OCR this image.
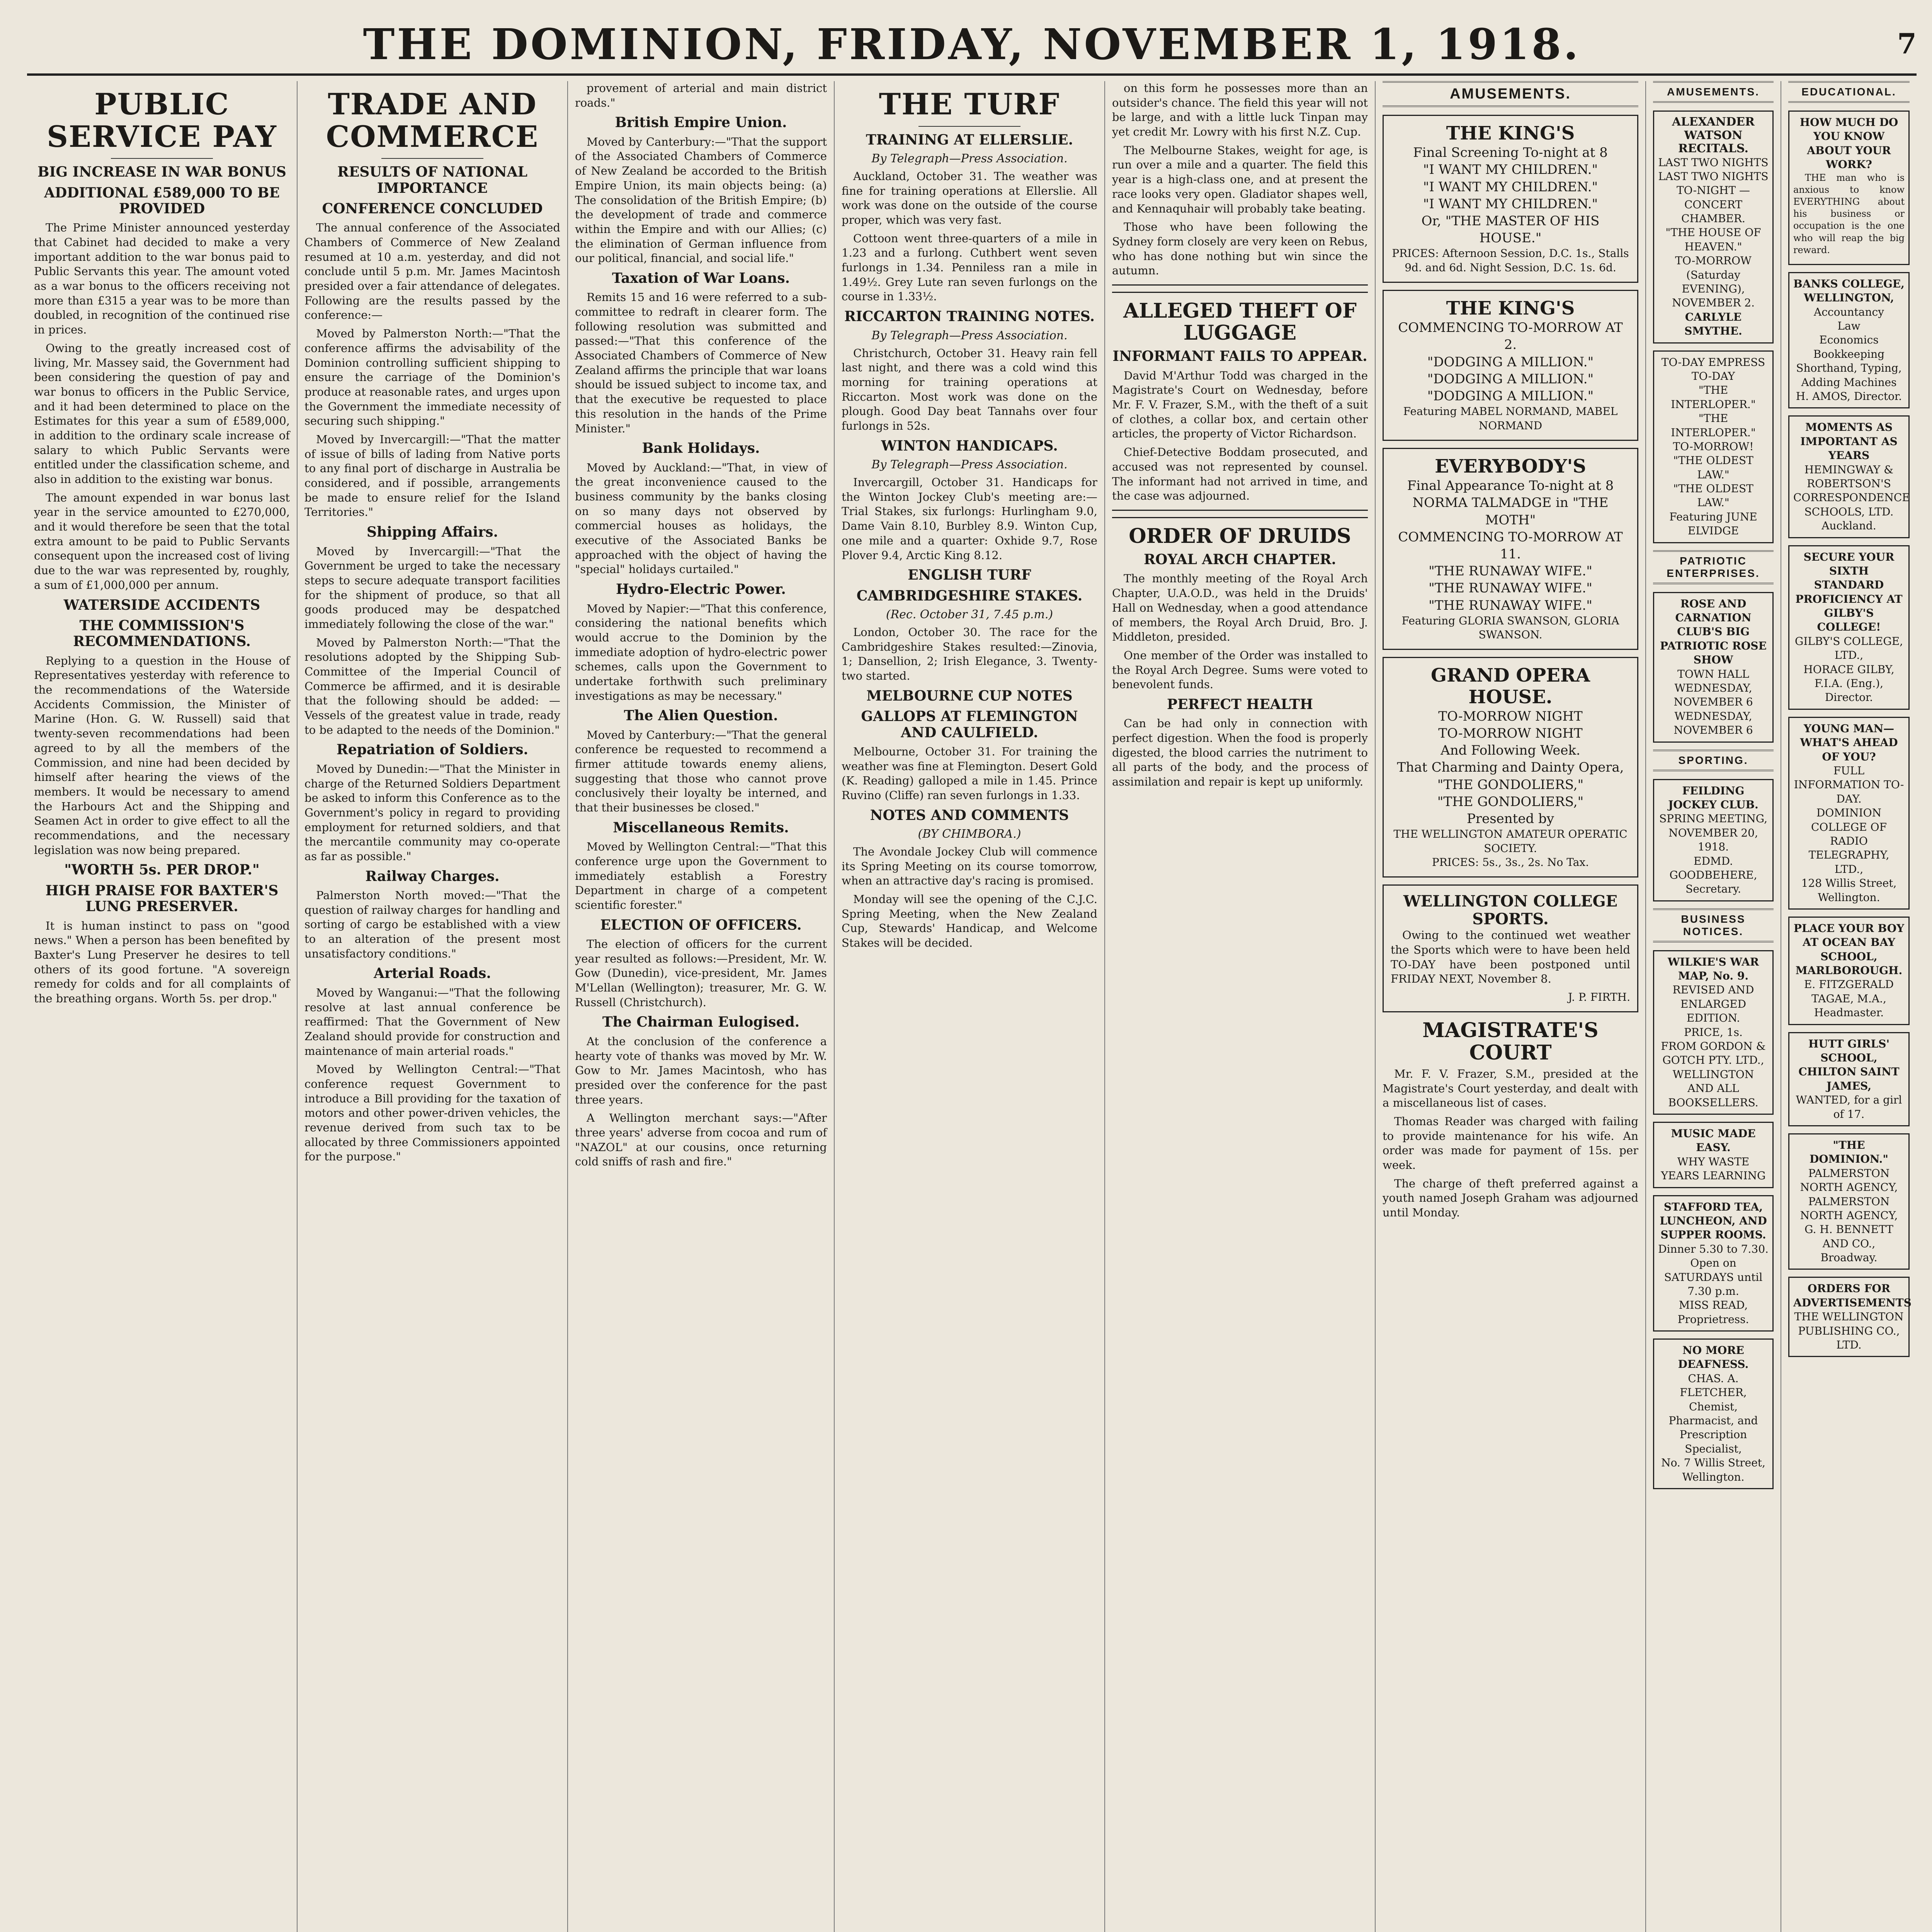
THE DOMINION, FRIDAY, NOVEMBER 1, 1918.	7
PUBLIC SERVICE PAY
BIG INCREASE IN WAR BONUS
ADDITIONAL £589,000 TO BE PROVIDED

The Prime Minister announced yesterday that Cabinet had decided to make a very important addition to the war bonus paid to Public Servants this year. The amount voted as a war bonus to the officers receiving not more than £315 a year was to be more than doubled, in recognition of the continued rise in prices.

Owing to the greatly increased cost of living, Mr. Massey said, the Government had been considering the question of pay and war bonus to officers in the Public Service, and it had been determined to place on the Estimates for this year a sum of £589,000, in addition to the ordinary scale increase of salary to which Public Servants were entitled under the classification scheme, and also in addition to the existing war bonus.

The amount expended in war bonus last year in the service amounted to £270,000, and it would therefore be seen that the total extra amount to be paid to Public Servants consequent upon the increased cost of living due to the war was represented by, roughly, a sum of £1,000,000 per annum.

WATERSIDE ACCIDENTS
THE COMMISSION'S RECOMMENDATIONS.

Replying to a question in the House of Representatives yesterday with reference to the recommendations of the Waterside Accidents Commission, the Minister of Marine (Hon. G. W. Russell) said that twenty-seven recommendations had been agreed to by all the members of the Commission, and nine had been decided by himself after hearing the views of the members. It would be necessary to amend the Harbours Act and the Shipping and Seamen Act in order to give effect to all the recommendations, and the necessary legislation was now being prepared.

"WORTH 5s. PER DROP."
HIGH PRAISE FOR BAXTER'S LUNG PRESERVER.

It is human instinct to pass on "good news." When a person has been benefited by Baxter's Lung Preserver he desires to tell others of its good fortune. "A sovereign remedy for colds and for all complaints of the breathing organs. Worth 5s. per drop."

TRADE AND COMMERCE
RESULTS OF NATIONAL IMPORTANCE
CONFERENCE CONCLUDED

The annual conference of the Associated Chambers of Commerce of New Zealand resumed at 10 a.m. yesterday, and did not conclude until 5 p.m. Mr. James Macintosh presided over a fair attendance of delegates. Following are the results passed by the conference:—

Moved by Palmerston North:—"That the conference affirms the advisability of the Dominion controlling sufficient shipping to ensure the carriage of the Dominion's produce at reasonable rates, and urges upon the Government the immediate necessity of securing such shipping."

Moved by Invercargill:—"That the matter of issue of bills of lading from Native ports to any final port of discharge in Australia be considered, and if possible, arrangements be made to ensure relief for the Island Territories."

Shipping Affairs.

Moved by Invercargill:—"That the Government be urged to take the necessary steps to secure adequate transport facilities for the shipment of produce, so that all goods produced may be despatched immediately following the close of the war."

Moved by Palmerston North:—"That the resolutions adopted by the Shipping Sub-Committee of the Imperial Council of Commerce be affirmed, and it is desirable that the following should be added: —Vessels of the greatest value in trade, ready to be adapted to the needs of the Dominion."

Repatriation of Soldiers.

Moved by Dunedin:—"That the Minister in charge of the Returned Soldiers Department be asked to inform this Conference as to the Government's policy in regard to providing employment for returned soldiers, and that the mercantile community may co-operate as far as possible."

Railway Charges.

Palmerston North moved:—"That the question of railway charges for handling and sorting of cargo be established with a view to an alteration of the present most unsatisfactory conditions."

Arterial Roads.

Moved by Wanganui:—"That the following resolve at last annual conference be reaffirmed: That the Government of New Zealand should provide for construction and maintenance of main arterial roads."

Moved by Wellington Central:—"That conference request Government to introduce a Bill providing for the taxation of motors and other power-driven vehicles, the revenue derived from such tax to be allocated by three Commissioners appointed for the purpose."

provement of arterial and main district roads."

British Empire Union.

Moved by Canterbury:—"That the support of the Associated Chambers of Commerce of New Zealand be accorded to the British Empire Union, its main objects being: (a) The consolidation of the British Empire; (b) the development of trade and commerce within the Empire and with our Allies; (c) the elimination of German influence from our political, financial, and social life."

Taxation of War Loans.

Remits 15 and 16 were referred to a sub-committee to redraft in clearer form. The following resolution was submitted and passed:—"That this conference of the Associated Chambers of Commerce of New Zealand affirms the principle that war loans should be issued subject to income tax, and that the executive be requested to place this resolution in the hands of the Prime Minister."

Bank Holidays.

Moved by Auckland:—"That, in view of the great inconvenience caused to the business community by the banks closing on so many days not observed by commercial houses as holidays, the executive of the Associated Banks be approached with the object of having the "special" holidays curtailed."

Hydro-Electric Power.

Moved by Napier:—"That this conference, considering the national benefits which would accrue to the Dominion by the immediate adoption of hydro-electric power schemes, calls upon the Government to undertake forthwith such preliminary investigations as may be necessary."

The Alien Question.

Moved by Canterbury:—"That the general conference be requested to recommend a firmer attitude towards enemy aliens, suggesting that those who cannot prove conclusively their loyalty be interned, and that their businesses be closed."

Miscellaneous Remits.

Moved by Wellington Central:—"That this conference urge upon the Government to immediately establish a Forestry Department in charge of a competent scientific forester."

ELECTION OF OFFICERS.

The election of officers for the current year resulted as follows:—President, Mr. W. Gow (Dunedin), vice-president, Mr. James M'Lellan (Wellington); treasurer, Mr. G. W. Russell (Christchurch).

The Chairman Eulogised.

At the conclusion of the conference a hearty vote of thanks was moved by Mr. W. Gow to Mr. James Macintosh, who has presided over the conference for the past three years.

A Wellington merchant says:—"After three years' adverse from cocoa and rum of "NAZOL" at our cousins, once returning cold sniffs of rash and fire."

THE TURF
TRAINING AT ELLERSLIE.
By Telegraph—Press Association.

Auckland, October 31. The weather was fine for training operations at Ellerslie. All work was done on the outside of the course proper, which was very fast.

Cottoon went three-quarters of a mile in 1.23 and a furlong. Cuthbert went seven furlongs in 1.34. Penniless ran a mile in 1.49½. Grey Lute ran seven furlongs on the course in 1.33½.

RICCARTON TRAINING NOTES.
By Telegraph—Press Association.

Christchurch, October 31. Heavy rain fell last night, and there was a cold wind this morning for training operations at Riccarton. Most work was done on the plough. Good Day beat Tannahs over four furlongs in 52s.

WINTON HANDICAPS.
By Telegraph—Press Association.

Invercargill, October 31. Handicaps for the Winton Jockey Club's meeting are:— Trial Stakes, six furlongs: Hurlingham 9.0, Dame Vain 8.10, Burbley 8.9. Winton Cup, one mile and a quarter: Oxhide 9.7, Rose Plover 9.4, Arctic King 8.12.

ENGLISH TURF
CAMBRIDGESHIRE STAKES.
(Rec. October 31, 7.45 p.m.)

London, October 30. The race for the Cambridgeshire Stakes resulted:—Zinovia, 1; Dansellion, 2; Irish Elegance, 3. Twenty-two started.

MELBOURNE CUP NOTES
GALLOPS AT FLEMINGTON AND CAULFIELD.

Melbourne, October 31. For training the weather was fine at Flemington. Desert Gold (K. Reading) galloped a mile in 1.45. Prince Ruvino (Cliffe) ran seven furlongs in 1.33.

NOTES AND COMMENTS
(BY CHIMBORA.)

The Avondale Jockey Club will commence its Spring Meeting on its course tomorrow, when an attractive day's racing is promised.

Monday will see the opening of the C.J.C. Spring Meeting, when the New Zealand Cup, Stewards' Handicap, and Welcome Stakes will be decided.

on this form he possesses more than an outsider's chance. The field this year will not be large, and with a little luck Tinpan may yet credit Mr. Lowry with his first N.Z. Cup.

The Melbourne Stakes, weight for age, is run over a mile and a quarter. The field this year is a high-class one, and at present the race looks very open. Gladiator shapes well, and Kennaquhair will probably take beating.

Those who have been following the Sydney form closely are very keen on Rebus, who has done nothing but win since the autumn.

ALLEGED THEFT OF LUGGAGE
INFORMANT FAILS TO APPEAR.

David M'Arthur Todd was charged in the Magistrate's Court on Wednesday, before Mr. F. V. Frazer, S.M., with the theft of a suit of clothes, a collar box, and certain other articles, the property of Victor Richardson.

Chief-Detective Boddam prosecuted, and accused was not represented by counsel. The informant had not arrived in time, and the case was adjourned.

ORDER OF DRUIDS
ROYAL ARCH CHAPTER.

The monthly meeting of the Royal Arch Chapter, U.A.O.D., was held in the Druids' Hall on Wednesday, when a good attendance of members, the Royal Arch Druid, Bro. J. Middleton, presided.

One member of the Order was installed to the Royal Arch Degree. Sums were voted to benevolent funds.

PERFECT HEALTH

Can be had only in connection with perfect digestion. When the food is properly digested, the blood carries the nutriment to all parts of the body, and the process of assimilation and repair is kept up uniformly.

AMUSEMENTS.
THE KING'S
Final Screening To-night at 8
"I WANT MY CHILDREN."
"I WANT MY CHILDREN."
"I WANT MY CHILDREN."
Or, "THE MASTER OF HIS HOUSE."
PRICES: Afternoon Session, D.C. 1s., Stalls 9d. and 6d. Night Session, D.C. 1s. 6d.
THE KING'S
COMMENCING TO-MORROW AT 2.
"DODGING A MILLION."
"DODGING A MILLION."
"DODGING A MILLION."
Featuring MABEL NORMAND, MABEL NORMAND
EVERYBODY'S
Final Appearance To-night at 8
NORMA TALMADGE in "THE MOTH"
COMMENCING TO-MORROW AT 11.
"THE RUNAWAY WIFE."
"THE RUNAWAY WIFE."
"THE RUNAWAY WIFE."
Featuring GLORIA SWANSON, GLORIA SWANSON.
GRAND OPERA HOUSE.
TO-MORROW NIGHT
TO-MORROW NIGHT
And Following Week.
That Charming and Dainty Opera,
"THE GONDOLIERS,"
"THE GONDOLIERS,"
Presented by
THE WELLINGTON AMATEUR OPERATIC SOCIETY.
PRICES: 5s., 3s., 2s. No Tax.
WELLINGTON COLLEGE SPORTS.

Owing to the continued wet weather the Sports which were to have been held TO-DAY have been postponed until FRIDAY NEXT, November 8.

J. P. FIRTH.
MAGISTRATE'S COURT

Mr. F. V. Frazer, S.M., presided at the Magistrate's Court yesterday, and dealt with a miscellaneous list of cases.

Thomas Reader was charged with failing to provide maintenance for his wife. An order was made for payment of 15s. per week.

The charge of theft preferred against a youth named Joseph Graham was adjourned until Monday.

AMUSEMENTS.
ALEXANDER WATSON RECITALS.
LAST TWO NIGHTS
LAST TWO NIGHTS
TO-NIGHT — CONCERT CHAMBER.
"THE HOUSE OF HEAVEN."
TO-MORROW (Saturday EVENING), NOVEMBER 2.
CARLYLE SMYTHE.
TO-DAY EMPRESS TO-DAY
"THE INTERLOPER."
"THE INTERLOPER."
TO-MORROW!
"THE OLDEST LAW."
"THE OLDEST LAW."
Featuring JUNE ELVIDGE
PATRIOTIC ENTERPRISES.
ROSE AND CARNATION CLUB'S BIG PATRIOTIC ROSE SHOW
TOWN HALL
WEDNESDAY, NOVEMBER 6
WEDNESDAY, NOVEMBER 6
SPORTING.
FEILDING JOCKEY CLUB.
SPRING MEETING,
NOVEMBER 20, 1918.
EDMD. GOODBEHERE, Secretary.
BUSINESS NOTICES.
WILKIE'S WAR MAP, No. 9.
REVISED AND ENLARGED EDITION.
PRICE, 1s.
FROM GORDON & GOTCH PTY. LTD., WELLINGTON
AND ALL BOOKSELLERS.
MUSIC MADE EASY.
WHY WASTE YEARS LEARNING
STAFFORD TEA, LUNCHEON, AND SUPPER ROOMS.
Dinner 5.30 to 7.30.
Open on SATURDAYS until 7.30 p.m.
MISS READ, Proprietress.
NO MORE DEAFNESS.
CHAS. A. FLETCHER,
Chemist, Pharmacist, and Prescription Specialist,
No. 7 Willis Street, Wellington.
EDUCATIONAL.
HOW MUCH DO YOU KNOW ABOUT YOUR WORK?

THE man who is anxious to know EVERYTHING about his business or occupation is the one who will reap the big reward.

BANKS COLLEGE, WELLINGTON,
Accountancy
Law
Economics
Bookkeeping
Shorthand, Typing, Adding Machines
H. AMOS, Director.
MOMENTS AS IMPORTANT AS YEARS
HEMINGWAY & ROBERTSON'S CORRESPONDENCE SCHOOLS, LTD.
Auckland.
SECURE YOUR SIXTH STANDARD PROFICIENCY AT GILBY'S COLLEGE!
GILBY'S COLLEGE, LTD.,
HORACE GILBY, F.I.A. (Eng.), Director.
YOUNG MAN— WHAT'S AHEAD OF YOU?
FULL INFORMATION TO-DAY.
DOMINION COLLEGE OF RADIO TELEGRAPHY, LTD.,
128 Willis Street, Wellington.
PLACE YOUR BOY AT OCEAN BAY SCHOOL, MARLBOROUGH.
E. FITZGERALD TAGAE, M.A., Headmaster.
HUTT GIRLS' SCHOOL, CHILTON SAINT JAMES,
WANTED, for a girl of 17.
"THE DOMINION."
PALMERSTON NORTH AGENCY,
PALMERSTON NORTH AGENCY,
G. H. BENNETT AND CO., Broadway.
ORDERS FOR ADVERTISEMENTS
THE WELLINGTON PUBLISHING CO., LTD.
